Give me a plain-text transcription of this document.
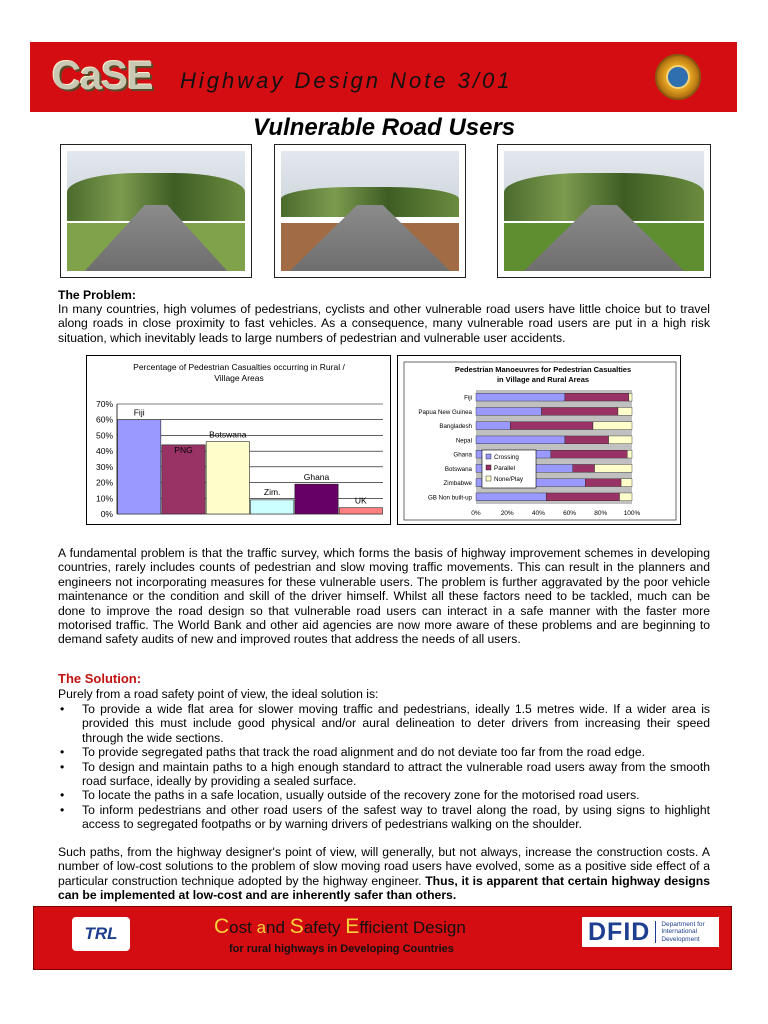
CaSE Highway Design Note 3/01
Vulnerable Road Users
The Problem:
In many countries, high volumes of pedestrians, cyclists and other vulnerable road users have little choice but to travel along roads in close proximity to fast vehicles. As a consequence, many vulnerable road users are put in a high risk situation, which inevitably leads to large numbers of pedestrian and vulnerable user accidents.
Percentage of Pedestrian Casualties occurring in Rural /
Village Areas
0%
10%
20%
30%
40%
50%
60%
70%
Fiji
PNG
Botswana
Zim.
Ghana
UK
Pedestrian Manoeuvres for Pedestrian Casualties
in Village and Rural Areas
Fiji
Papua New Guinea
Bangladesh
Nepal
Ghana
Botswana
Zimbabwe
GB Non built-up
0%	20%	40%	60%	80%	100%
Crossing
Parallel
None/Play
A fundamental problem is that the traffic survey, which forms the basis of highway improvement schemes in developing countries, rarely includes counts of pedestrian and slow moving traffic movements. This can result in the planners and engineers not incorporating measures for these vulnerable users. The problem is further aggravated by the poor vehicle maintenance or the condition and skill of the driver himself. Whilst all these factors need to be tackled, much can be done to improve the road design so that vulnerable road users can interact in a safe manner with the faster more motorised traffic. The World Bank and other aid agencies are now more aware of these problems and are beginning to demand safety audits of new and improved routes that address the needs of all users.
The Solution:
Purely from a road safety point of view, the ideal solution is:
• To provide a wide flat area for slower moving traffic and pedestrians, ideally 1.5 metres wide. If a wider area is provided this must include good physical and/or aural delineation to deter drivers from increasing their speed through the wide sections.
• To provide segregated paths that track the road alignment and do not deviate too far from the road edge.
• To design and maintain paths to a high enough standard to attract the vulnerable road users away from the smooth road surface, ideally by providing a sealed surface.
• To locate the paths in a safe location, usually outside of the recovery zone for the motorised road users.
• To inform pedestrians and other road users of the safest way to travel along the road, by using signs to highlight access to segregated footpaths or by warning drivers of pedestrians walking on the shoulder.
Such paths, from the highway designer's point of view, will generally, but not always, increase the construction costs. A number of low-cost solutions to the problem of slow moving road users have evolved, some as a positive side effect of a particular construction technique adopted by the highway engineer. Thus, it is apparent that certain highway designs can be implemented at low-cost and are inherently safer than others.
TRL	Cost and Safety Efficient Design
for rural highways in Developing Countries
DFID	Department for
International
Development
